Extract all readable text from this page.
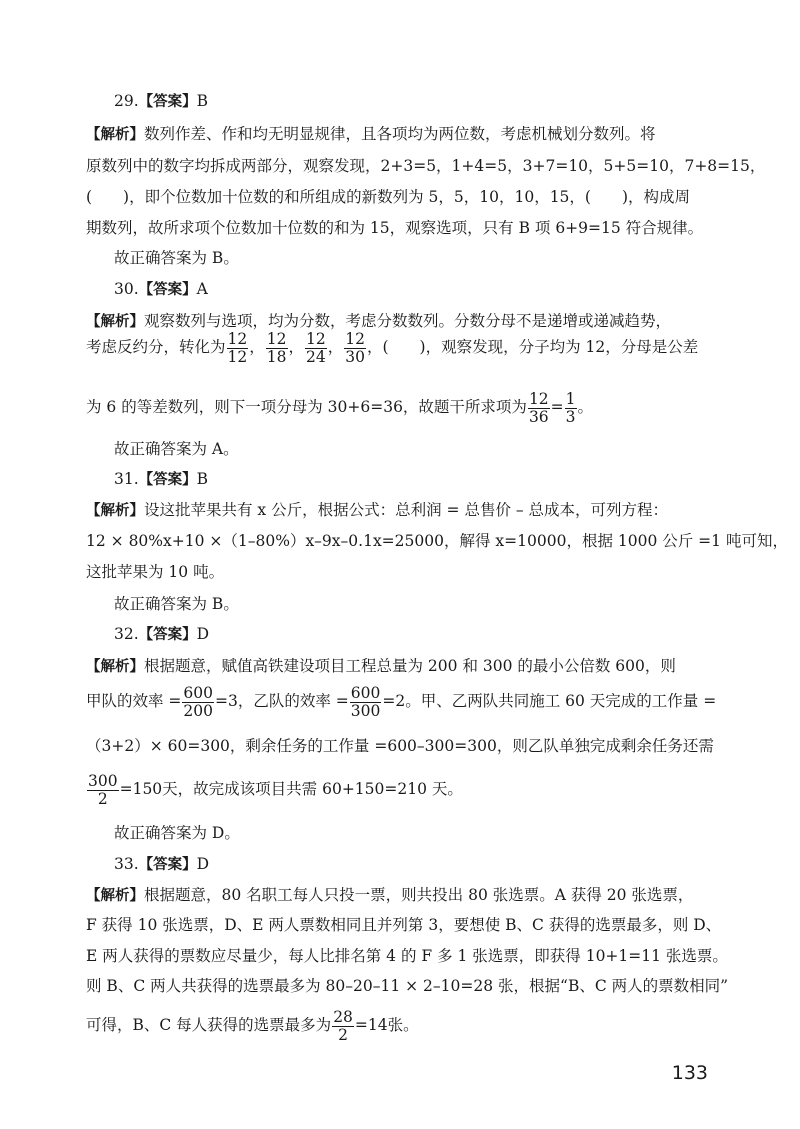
29.【答案】B
【解析】数列作差、作和均无明显规律，且各项均为两位数，考虑机械划分数列。将
原数列中的数字均拆成两部分，观察发现，2+3=5，1+4=5，3+7=10，5+5=10，7+8=15，
(　　)，即个位数加十位数的和所组成的新数列为 5，5，10，10，15，(　　)，构成周
期数列，故所求项个位数加十位数的和为 15，观察选项，只有 B 项 6+9=15 符合规律。
故正确答案为 B。
30.【答案】A
【解析】观察数列与选项，均为分数，考虑分数数列。分数分母不是递增或递减趋势，
考虑反约分，转化为 $\frac{12}{12}$ ， $\frac{12}{18}$ ， $\frac{12}{24}$ ， $\frac{12}{30}$ ，(　　)，观察发现，分子均为 12，分母是公差
为 6 的等差数列，则下一项分母为 30+6=36，故题干所求项为 $\frac{12}{36} = \frac{1}{3}$ 。
故正确答案为 A。
31.【答案】B
【解析】设这批苹果共有 x 公斤，根据公式：总利润 = 总售价 – 总成本，可列方程：
12 × 80%x+10 ×（1–80%）x–9x–0.1x=25000，解得 x=10000，根据 1000 公斤 =1 吨可知，
这批苹果为 10 吨。
故正确答案为 B。
32.【答案】D
【解析】根据题意，赋值高铁建设项目工程总量为 200 和 300 的最小公倍数 600，则
甲队的效率 = $\frac{600}{200} =3$，乙队的效率 = $\frac{600}{300} =2$。甲、乙两队共同施工 60 天完成的工作量 =
（3+2）× 60=300，剩余任务的工作量 =600–300=300，则乙队单独完成剩余任务还需
$\frac{300}{2} =150$天，故完成该项目共需 60+150=210 天。
故正确答案为 D。
33.【答案】D
【解析】根据题意，80 名职工每人只投一票，则共投出 80 张选票。A 获得 20 张选票，
F 获得 10 张选票，D、E 两人票数相同且并列第 3，要想使 B、C 获得的选票最多，则 D、
E 两人获得的票数应尽量少，每人比排名第 4 的 F 多 1 张选票，即获得 10+1=11 张选票。
则 B、C 两人共获得的选票最多为 80–20–11 × 2–10=28 张，根据“B、C 两人的票数相同”
可得，B、C 每人获得的选票最多为 $\frac{28}{2} =14$张。
133
